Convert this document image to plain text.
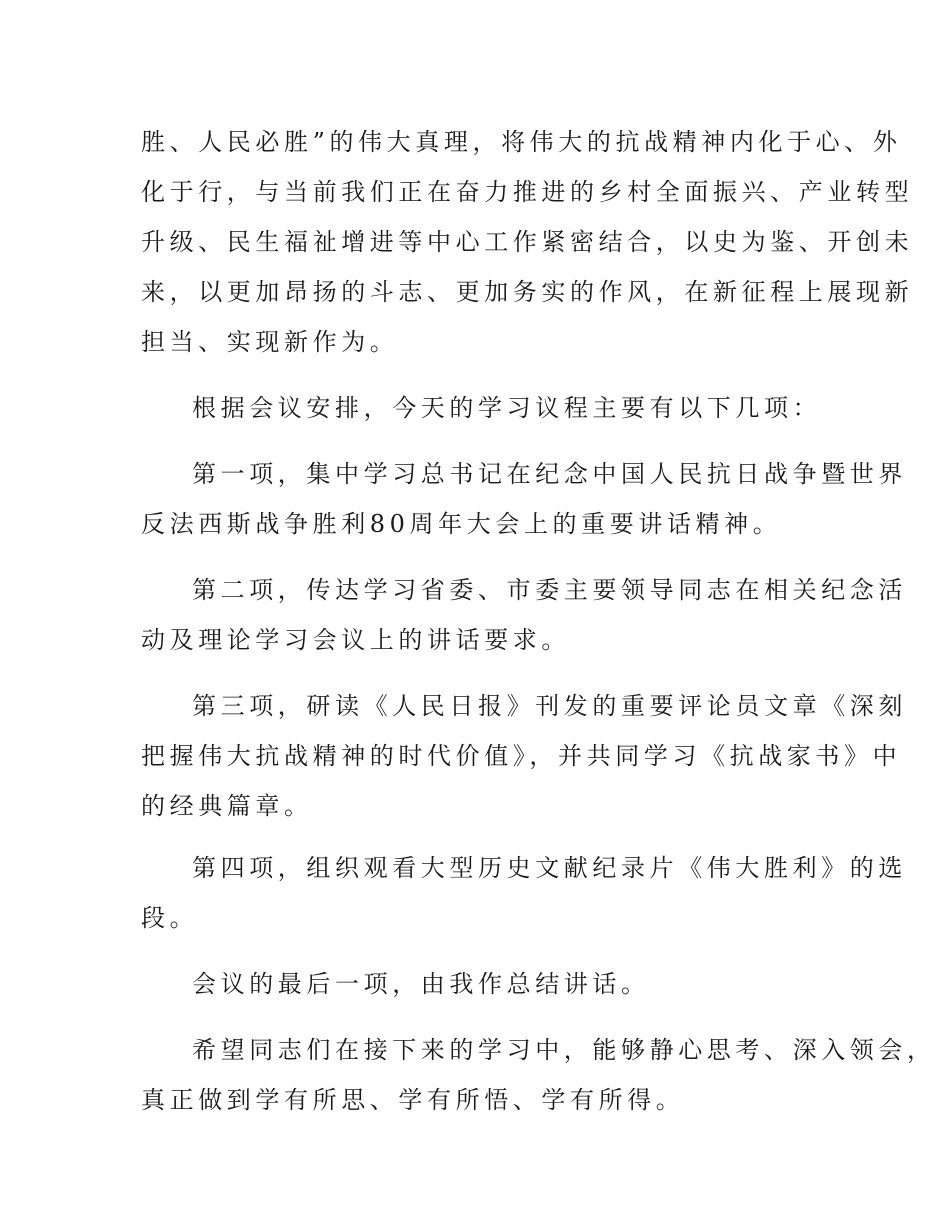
胜、人民必胜”的伟大真理，将伟大的抗战精神内化于心、外
化于行，与当前我们正在奋力推进的乡村全面振兴、产业转型
升级、民生福祉增进等中心工作紧密结合，以史为鉴、开创未
来，以更加昂扬的斗志、更加务实的作风，在新征程上展现新
担当、实现新作为。
根据会议安排，今天的学习议程主要有以下几项：
第一项，集中学习总书记在纪念中国人民抗日战争暨世界
反法西斯战争胜利80周年大会上的重要讲话精神。
第二项，传达学习省委、市委主要领导同志在相关纪念活
动及理论学习会议上的讲话要求。
第三项，研读《人民日报》刊发的重要评论员文章《深刻
把握伟大抗战精神的时代价值》，并共同学习《抗战家书》中
的经典篇章。
第四项，组织观看大型历史文献纪录片《伟大胜利》的选
段。
会议的最后一项，由我作总结讲话。
希望同志们在接下来的学习中，能够静心思考、深入领会，
真正做到学有所思、学有所悟、学有所得。
